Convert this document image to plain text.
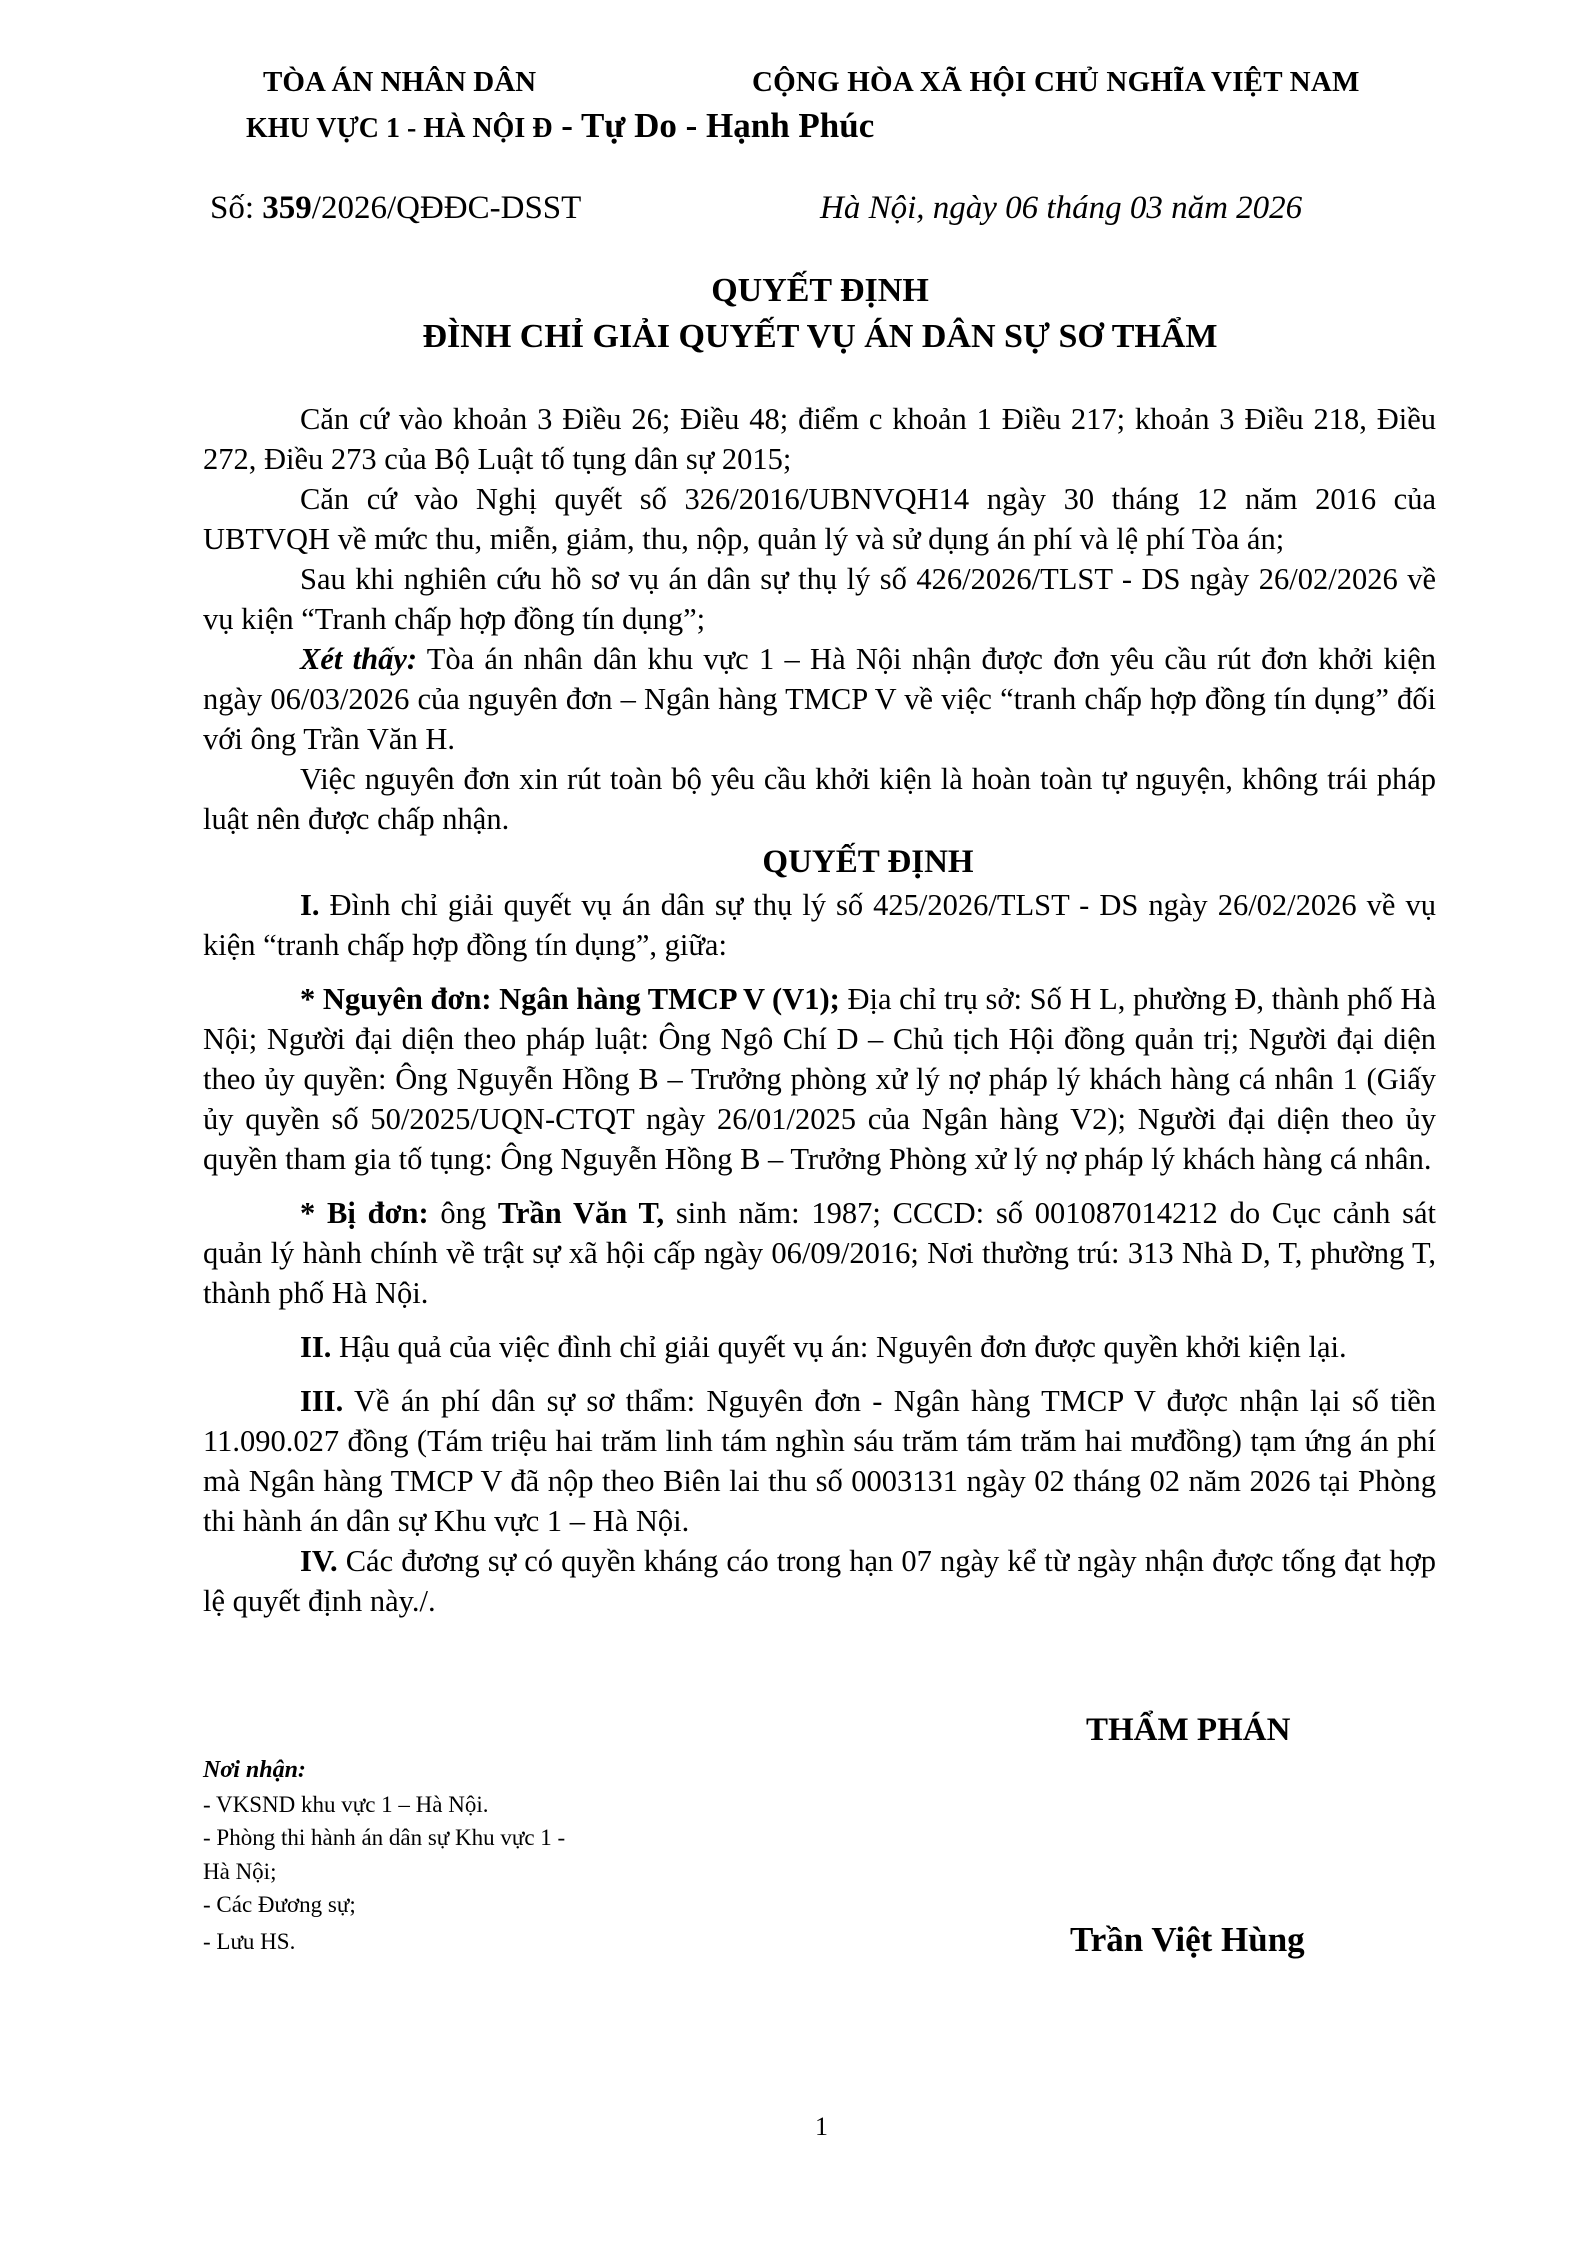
TÒA ÁN NHÂN DÂN	CỘNG HÒA XÃ HỘI CHỦ NGHĨA VIỆT NAM
KHU VỰC 1 - HÀ NỘI Đ - Tự Do - Hạnh Phúc
Số: 359/2026/QĐĐC-DSST	Hà Nội, ngày 06 tháng 03 năm 2026
QUYẾT ĐỊNH
ĐÌNH CHỈ GIẢI QUYẾT VỤ ÁN DÂN SỰ SƠ THẨM

Căn cứ vào khoản 3 Điều 26; Điều 48; điểm c khoản 1 Điều 217; khoản 3 Điều 218, Điều 272, Điều 273 của Bộ Luật tố tụng dân sự 2015;

Căn cứ vào Nghị quyết số 326/2016/UBNVQH14 ngày 30 tháng 12 năm 2016 của UBTVQH về mức thu, miễn, giảm, thu, nộp, quản lý và sử dụng án phí và lệ phí Tòa án;

Sau khi nghiên cứu hồ sơ vụ án dân sự thụ lý số 426/2026/TLST - DS ngày 26/02/2026 về vụ kiện “Tranh chấp hợp đồng tín dụng”;

Xét thấy: Tòa án nhân dân khu vực 1 – Hà Nội nhận được đơn yêu cầu rút đơn khởi kiện ngày 06/03/2026 của nguyên đơn – Ngân hàng TMCP V về việc “tranh chấp hợp đồng tín dụng” đối với ông Trần Văn H.

Việc nguyên đơn xin rút toàn bộ yêu cầu khởi kiện là hoàn toàn tự nguyện, không trái pháp luật nên được chấp nhận.

QUYẾT ĐỊNH

I. Đình chỉ giải quyết vụ án dân sự thụ lý số 425/2026/TLST - DS ngày 26/02/2026 về vụ kiện “tranh chấp hợp đồng tín dụng”, giữa:

* Nguyên đơn: Ngân hàng TMCP V (V1); Địa chỉ trụ sở: Số H L, phường Đ, thành phố Hà Nội; Người đại diện theo pháp luật: Ông Ngô Chí D – Chủ tịch Hội đồng quản trị; Người đại diện theo ủy quyền: Ông Nguyễn Hồng B – Trưởng phòng xử lý nợ pháp lý khách hàng cá nhân 1 (Giấy ủy quyền số 50/2025/UQN-CTQT ngày 26/01/2025 của Ngân hàng V2); Người đại diện theo ủy quyền tham gia tố tụng: Ông Nguyễn Hồng B – Trưởng Phòng xử lý nợ pháp lý khách hàng cá nhân.

* Bị đơn: ông Trần Văn T, sinh năm: 1987; CCCD: số 001087014212 do Cục cảnh sát quản lý hành chính về trật sự xã hội cấp ngày 06/09/2016; Nơi thường trú: 313 Nhà D, T, phường T, thành phố Hà Nội.

II. Hậu quả của việc đình chỉ giải quyết vụ án: Nguyên đơn được quyền khởi kiện lại.

III. Về án phí dân sự sơ thẩm: Nguyên đơn - Ngân hàng TMCP V được nhận lại số tiền 11.090.027 đồng (Tám triệu hai trăm linh tám nghìn sáu trăm tám trăm hai mưđồng) tạm ứng án phí mà Ngân hàng TMCP V đã nộp theo Biên lai thu số 0003131 ngày 02 tháng 02 năm 2026 tại Phòng thi hành án dân sự Khu vực 1 – Hà Nội.

IV. Các đương sự có quyền kháng cáo trong hạn 07 ngày kể từ ngày nhận được tống đạt hợp lệ quyết định này./.

THẨM PHÁN
Trần Việt Hùng
Nơi nhận:
- VKSND khu vực 1 – Hà Nội.
- Phòng thi hành án dân sự Khu vực 1 -
Hà Nội;
- Các Đương sự;
- Lưu HS.
1
